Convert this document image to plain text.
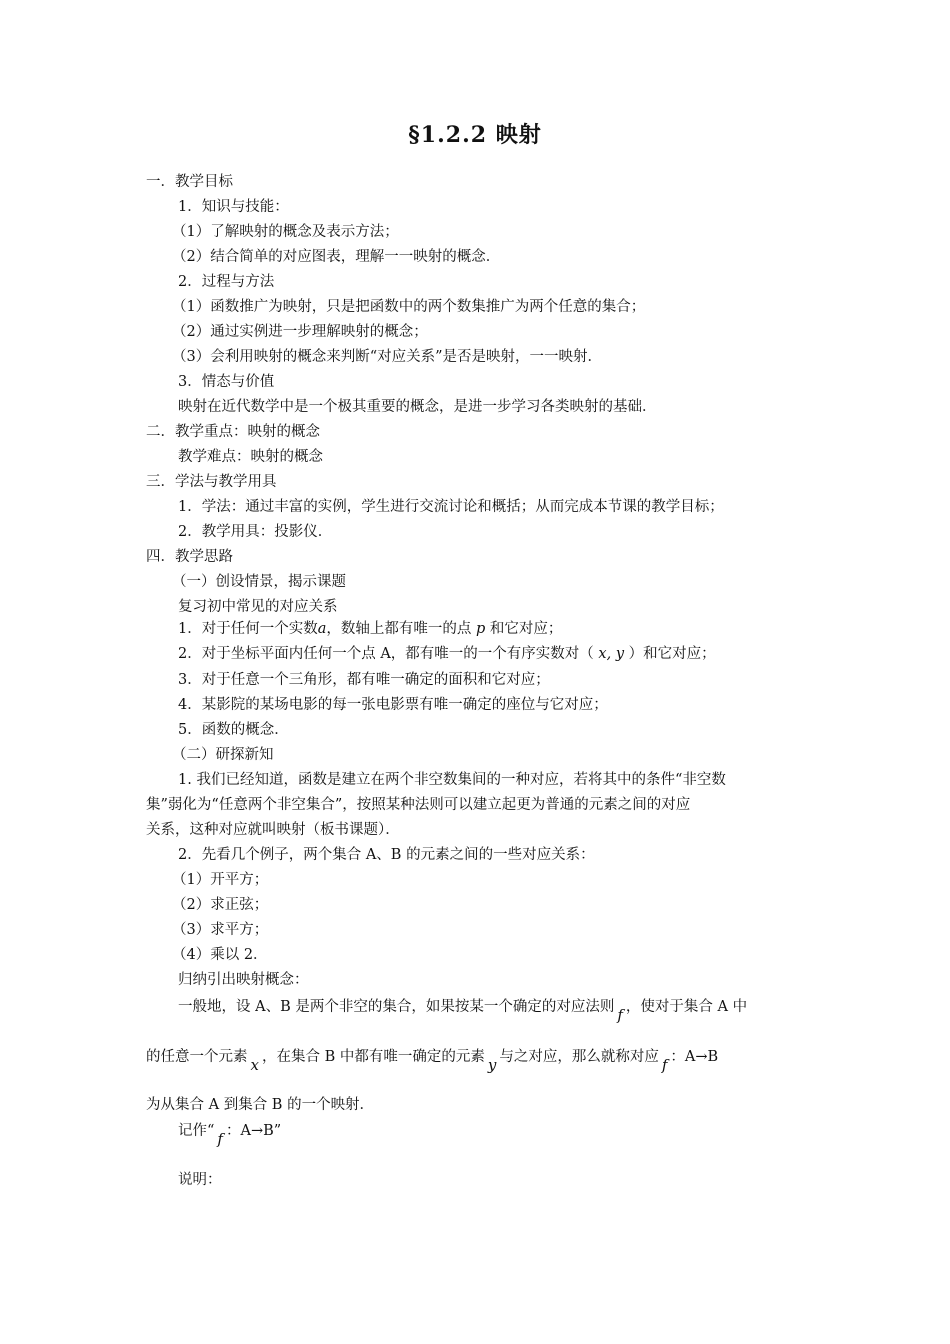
§1.2.2 映射
一．教学目标
1．知识与技能：
（1）了解映射的概念及表示方法；
（2）结合简单的对应图表，理解一一映射的概念．
2．过程与方法
（1）函数推广为映射，只是把函数中的两个数集推广为两个任意的集合；
（2）通过实例进一步理解映射的概念；
（3）会利用映射的概念来判断“对应关系”是否是映射，一一映射．
3．情态与价值
映射在近代数学中是一个极其重要的概念，是进一步学习各类映射的基础．
二．教学重点：映射的概念
教学难点：映射的概念
三．学法与教学用具
1．学法：通过丰富的实例，学生进行交流讨论和概括；从而完成本节课的教学目标；
2．教学用具：投影仪．
四．教学思路
（一）创设情景，揭示课题
复习初中常见的对应关系
1．对于任何一个实数a，数轴上都有唯一的点 p 和它对应；
2．对于坐标平面内任何一个点 A，都有唯一的一个有序实数对（ x, y ）和它对应；
3．对于任意一个三角形，都有唯一确定的面积和它对应；
4．某影院的某场电影的每一张电影票有唯一确定的座位与它对应；
5．函数的概念．
（二）研探新知
1. 我们已经知道，函数是建立在两个非空数集间的一种对应，若将其中的条件“非空数
集”弱化为“任意两个非空集合”，按照某种法则可以建立起更为普通的元素之间的对应
关系，这种对应就叫映射（板书课题）．
2．先看几个例子，两个集合 A、B 的元素之间的一些对应关系：
（1）开平方；
（2）求正弦；
（3）求平方；
（4）乘以 2．
归纳引出映射概念：
一般地，设 A、B 是两个非空的集合，如果按某一个确定的对应法则 f ，使对于集合 A 中
的任意一个元素 x ，在集合 B 中都有唯一确定的元素 y 与之对应，那么就称对应 f ：A→B
为从集合 A 到集合 B 的一个映射．
记作“ f ：A→B”
说明：
